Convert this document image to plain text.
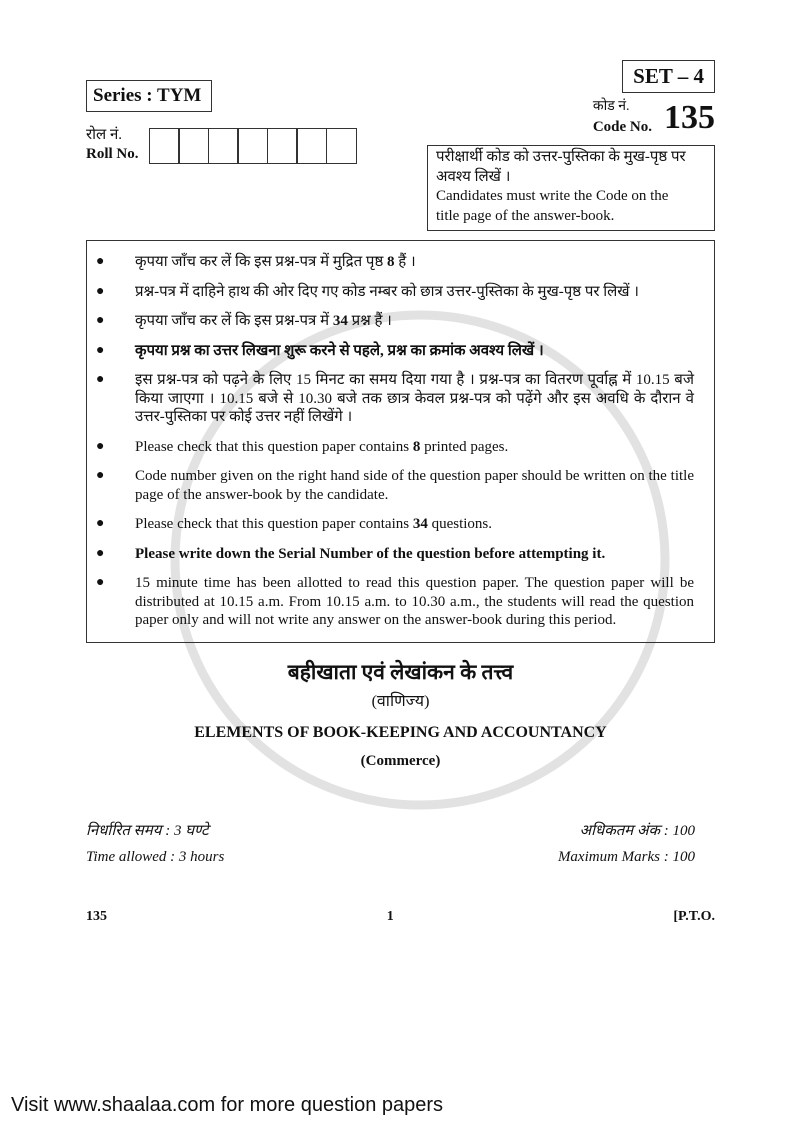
Series : TYM
रोल नं.
Roll No.
SET – 4
कोड नं.
Code No. 135
परीक्षार्थी कोड को उत्तर-पुस्तिका के मुख-पृष्ठ पर
अवश्य लिखें ।
Candidates must write the Code on the
title page of the answer-book.
●	कृपया जाँच कर लें कि इस प्रश्न-पत्र में मुद्रित पृष्ठ 8 हैं ।
●	प्रश्न-पत्र में दाहिने हाथ की ओर दिए गए कोड नम्बर को छात्र उत्तर-पुस्तिका के मुख-पृष्ठ पर लिखें ।
●	कृपया जाँच कर लें कि इस प्रश्न-पत्र में 34 प्रश्न हैं ।
●	कृपया प्रश्न का उत्तर लिखना शुरू करने से पहले, प्रश्न का क्रमांक अवश्य लिखें ।
●	इस प्रश्न-पत्र को पढ़ने के लिए 15 मिनट का समय दिया गया है । प्रश्न-पत्र का वितरण पूर्वाह्न में 10.15 बजे किया जाएगा । 10.15 बजे से 10.30 बजे तक छात्र केवल प्रश्न-पत्र को पढ़ेंगे और इस अवधि के दौरान वे उत्तर-पुस्तिका पर कोई उत्तर नहीं लिखेंगे ।
●	Please check that this question paper contains 8 printed pages.
●	Code number given on the right hand side of the question paper should be written on the title page of the answer-book by the candidate.
●	Please check that this question paper contains 34 questions.
●	Please write down the Serial Number of the question before attempting it.
●	15 minute time has been allotted to read this question paper. The question paper will be distributed at 10.15 a.m. From 10.15 a.m. to 10.30 a.m., the students will read the question paper only and will not write any answer on the answer-book during this period.
बहीखाता एवं लेखांकन के तत्त्व
(वाणिज्य)
ELEMENTS OF BOOK-KEEPING AND ACCOUNTANCY
(Commerce)
निर्धारित समय : 3 घण्टे	अधिकतम अंक : 100
Time allowed : 3 hours	Maximum Marks : 100
135	1	[P.T.O.
Visit www.shaalaa.com for more question papers
